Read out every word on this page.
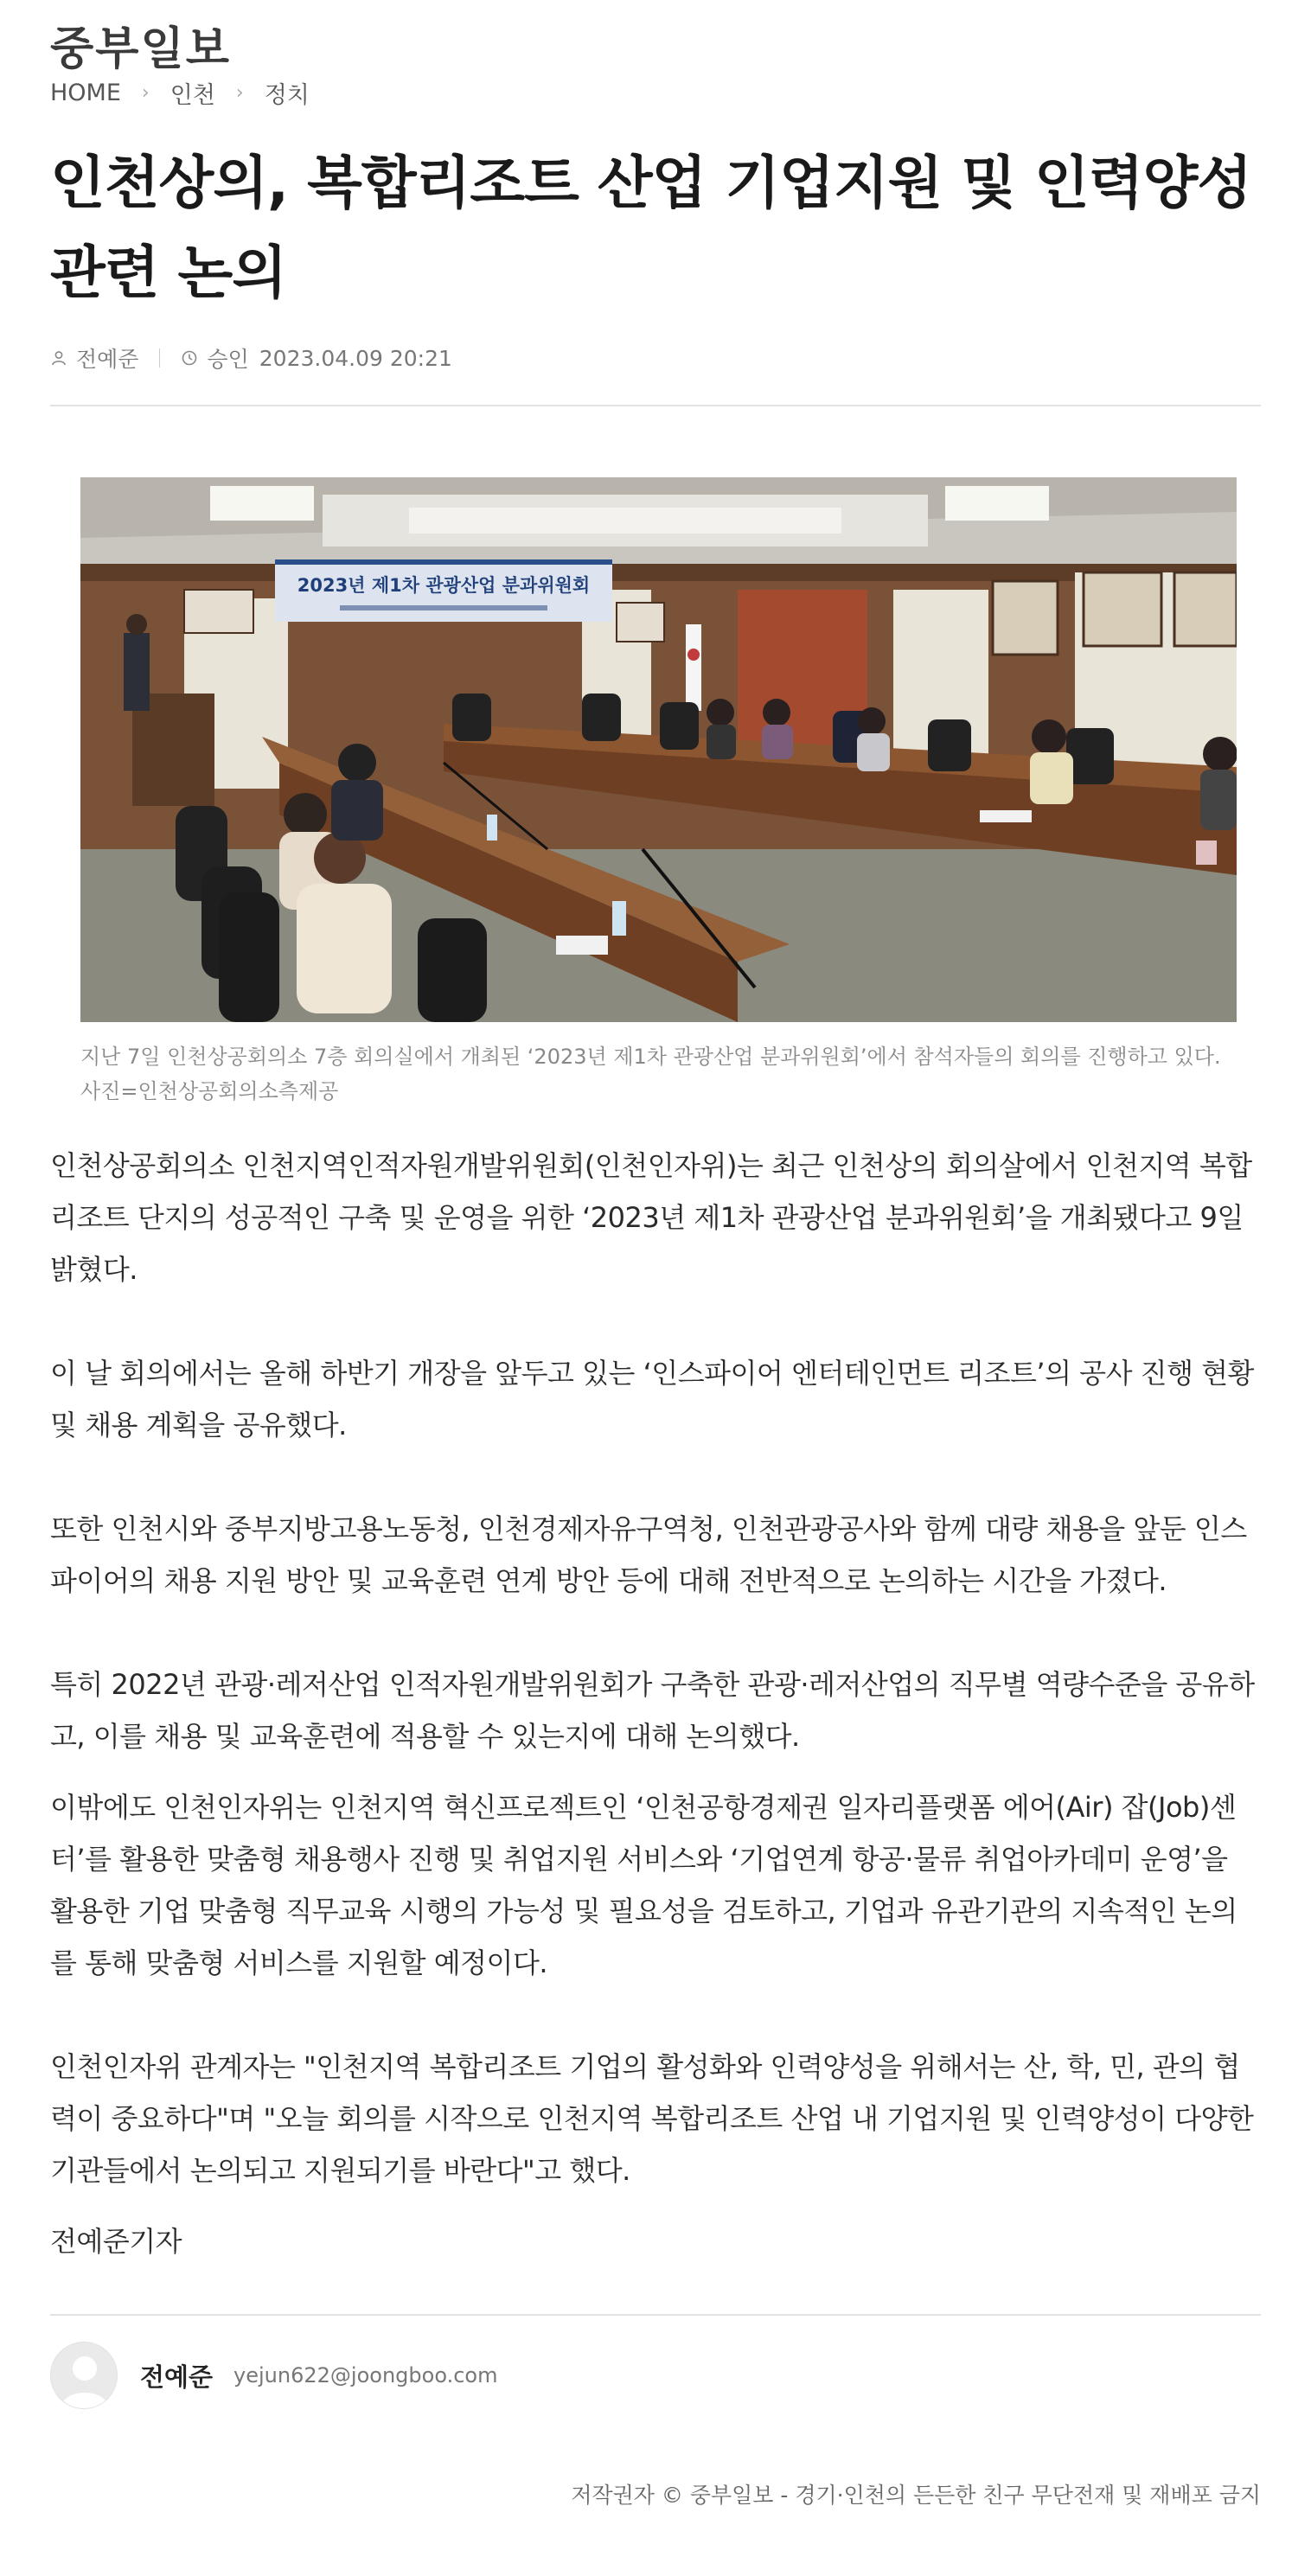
중부일보
HOME › 인천 › 정치
인천상의, 복합리조트 산업 기업지원 및 인력양성 관련 논의
전예준	승인 2023.04.09 20:21
2023년 제1차 관광산업 분과위원회

지난 7일 인천상공회의소 7층 회의실에서 개최된 ‘2023년 제1차 관광산업 분과위원회’에서 참석자들의 회의를 진행하고 있다. 사진=인천상공회의소측제공

인천상공회의소 인천지역인적자원개발위원회(인천인자위)는 최근 인천상의 회의살에서 인천지역 복합리조트 단지의 성공적인 구축 및 운영을 위한 ‘2023년 제1차 관광산업 분과위원회’을 개최됐다고 9일 밝혔다.

이 날 회의에서는 올해 하반기 개장을 앞두고 있는 ‘인스파이어 엔터테인먼트 리조트’의 공사 진행 현황 및 채용 계획을 공유했다.

또한 인천시와 중부지방고용노동청, 인천경제자유구역청, 인천관광공사와 함께 대량 채용을 앞둔 인스파이어의 채용 지원 방안 및 교육훈련 연계 방안 등에 대해 전반적으로 논의하는 시간을 가졌다.

특히 2022년 관광·레저산업 인적자원개발위원회가 구축한 관광·레저산업의 직무별 역량수준을 공유하고, 이를 채용 및 교육훈련에 적용할 수 있는지에 대해 논의했다.

이밖에도 인천인자위는 인천지역 혁신프로젝트인 ‘인천공항경제권 일자리플랫폼 에어(Air) 잡(Job)센터’를 활용한 맞춤형 채용행사 진행 및 취업지원 서비스와 ‘기업연계 항공·물류 취업아카데미 운영’을 활용한 기업 맞춤형 직무교육 시행의 가능성 및 필요성을 검토하고, 기업과 유관기관의 지속적인 논의를 통해 맞춤형 서비스를 지원할 예정이다.

인천인자위 관계자는 "인천지역 복합리조트 기업의 활성화와 인력양성을 위해서는 산, 학, 민, 관의 협력이 중요하다"며 "오늘 회의를 시작으로 인천지역 복합리조트 산업 내 기업지원 및 인력양성이 다양한 기관들에서 논의되고 지원되기를 바란다"고 했다.

전예준기자

전예준 yejun622@joongboo.com
저작권자 © 중부일보 - 경기·인천의 든든한 친구 무단전재 및 재배포 금지
